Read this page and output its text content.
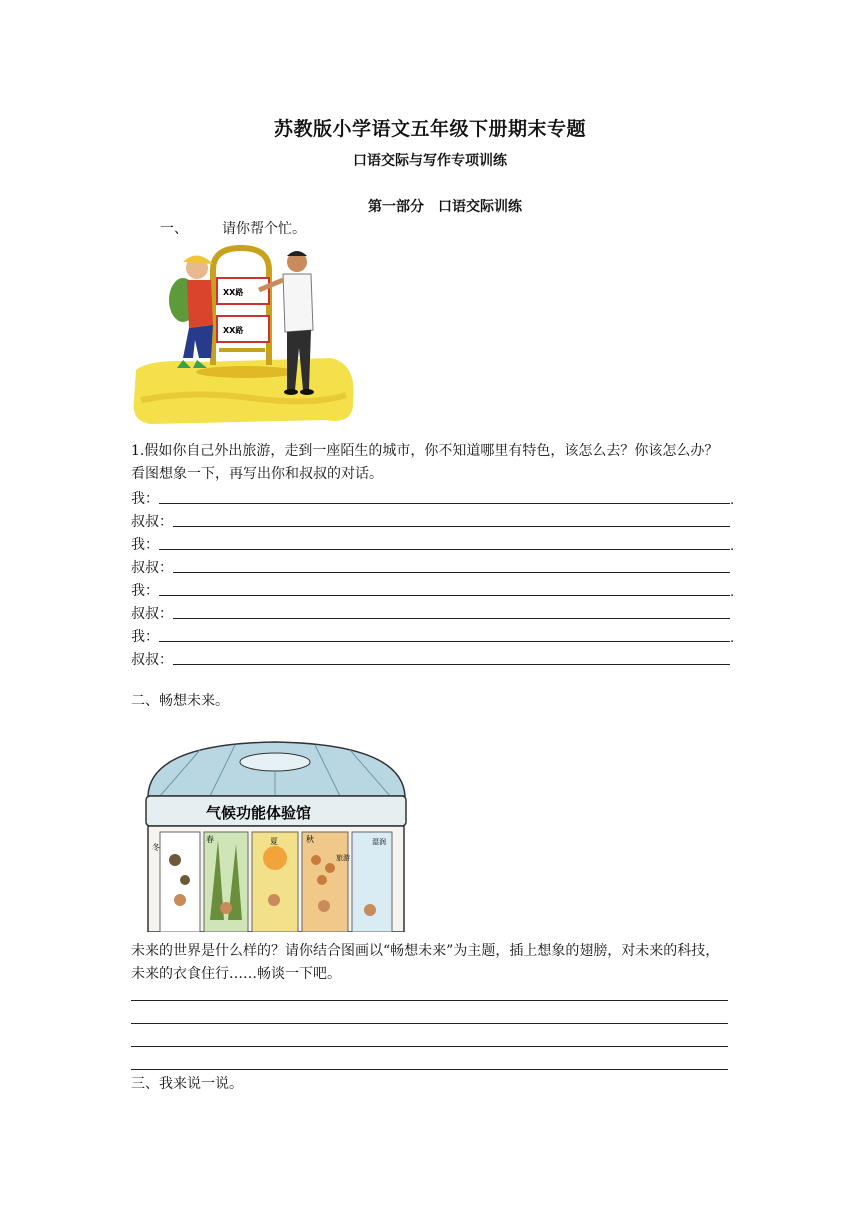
苏教版小学语文五年级下册期末专题
口语交际与写作专项训练
第一部分　口语交际训练
一、 请你帮个忙。
XX路
XX路
1.假如你自己外出旅游，走到一座陌生的城市，你不知道哪里有特色，该怎么去？你该怎么办？看图想象一下，再写出你和叔叔的对话。
我：	.
叔叔：
我：	.
叔叔：
我：	.
叔叔：
我：	.
叔叔：
二、畅想未来。
气候功能体验馆
冬
春	夏	秋
旅游
湿润
未来的世界是什么样的？请你结合图画以“畅想未来”为主题，插上想象的翅膀，对未来的科技，未来的衣食住行……畅谈一下吧。
三、我来说一说。
